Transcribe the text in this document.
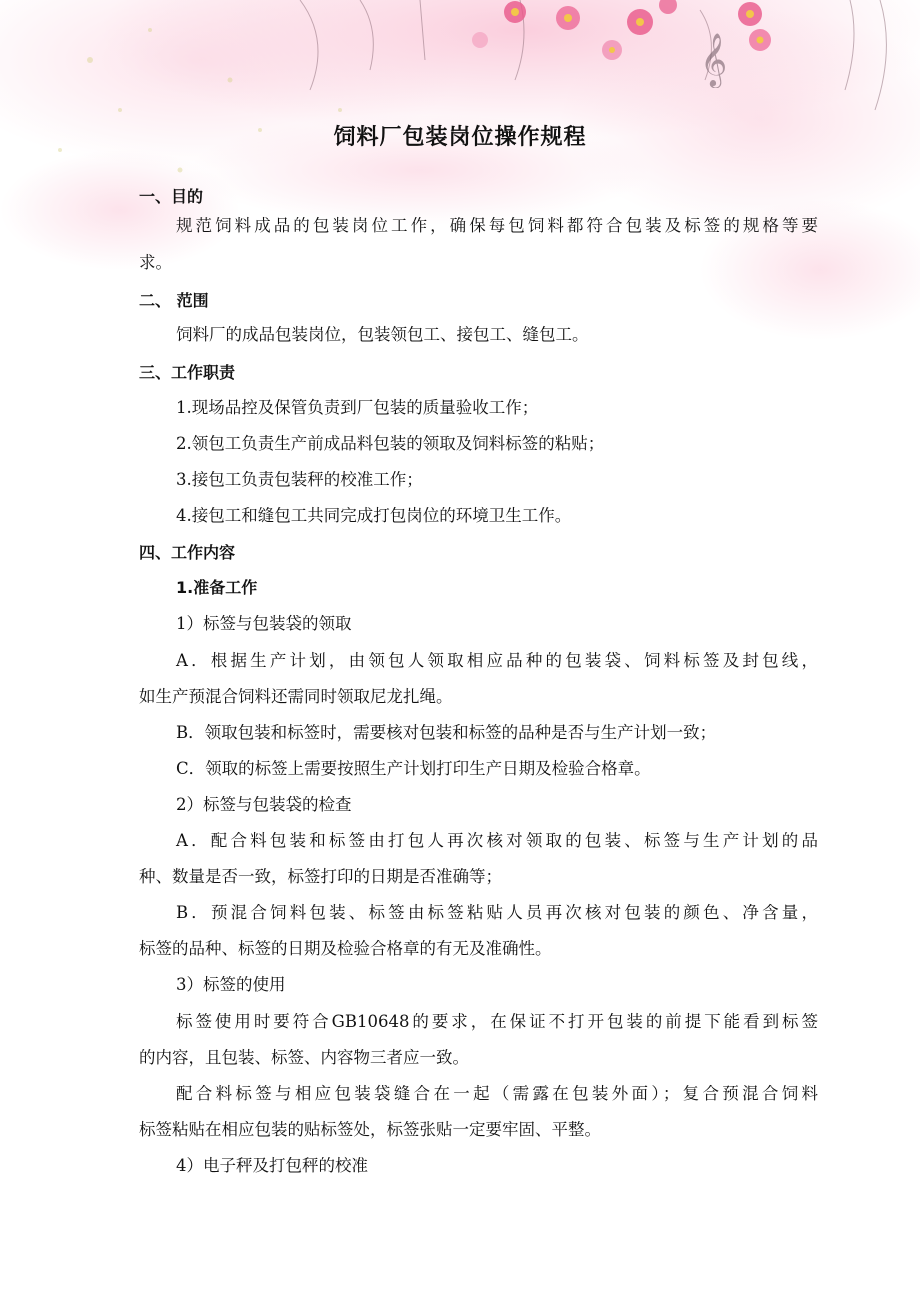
𝄞
饲料厂包装岗位操作规程
一、目的
规范饲料成品的包装岗位工作，确保每包饲料都符合包装及标签的规格等要
求。
二、 范围
饲料厂的成品包装岗位，包装领包工、接包工、缝包工。
三、工作职责
1.现场品控及保管负责到厂包装的质量验收工作；
2.领包工负责生产前成品料包装的领取及饲料标签的粘贴；
3.接包工负责包装秤的校准工作；
4.接包工和缝包工共同完成打包岗位的环境卫生工作。
四、工作内容
1.准备工作
1）标签与包装袋的领取
A．根据生产计划，由领包人领取相应品种的包装袋、饲料标签及封包线，
如生产预混合饲料还需同时领取尼龙扎绳。
B．领取包装和标签时，需要核对包装和标签的品种是否与生产计划一致；
C．领取的标签上需要按照生产计划打印生产日期及检验合格章。
2）标签与包装袋的检查
A．配合料包装和标签由打包人再次核对领取的包装、标签与生产计划的品
种、数量是否一致，标签打印的日期是否准确等；
B．预混合饲料包装、标签由标签粘贴人员再次核对包装的颜色、净含量，
标签的品种、标签的日期及检验合格章的有无及准确性。
3）标签的使用
标签使用时要符合GB10648的要求，在保证不打开包装的前提下能看到标签
的内容，且包装、标签、内容物三者应一致。
配合料标签与相应包装袋缝合在一起（需露在包装外面）；复合预混合饲料
标签粘贴在相应包装的贴标签处，标签张贴一定要牢固、平整。
4）电子秤及打包秤的校准
